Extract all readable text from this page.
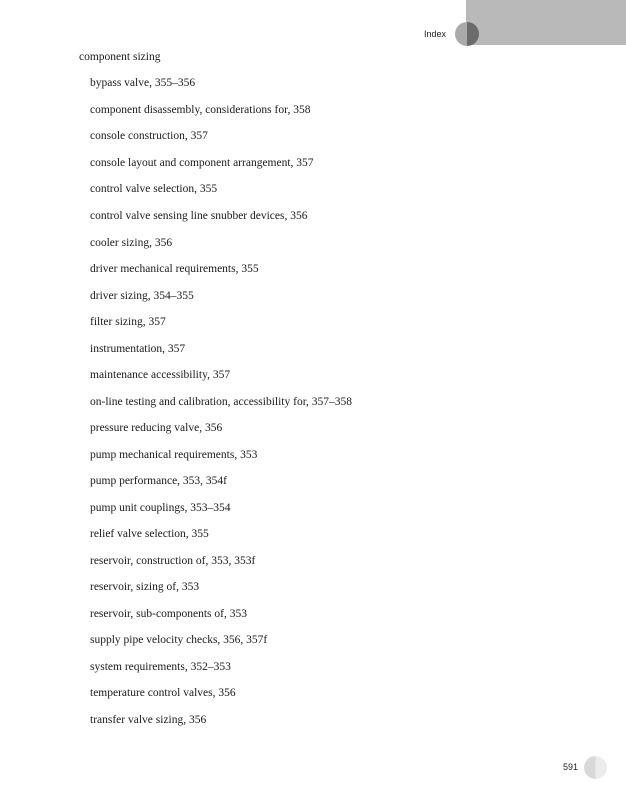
Index
component sizing
bypass valve, 355–356
component disassembly, considerations for, 358
console construction, 357
console layout and component arrangement, 357
control valve selection, 355
control valve sensing line snubber devices, 356
cooler sizing, 356
driver mechanical requirements, 355
driver sizing, 354–355
filter sizing, 357
instrumentation, 357
maintenance accessibility, 357
on-line testing and calibration, accessibility for, 357–358
pressure reducing valve, 356
pump mechanical requirements, 353
pump performance, 353, 354f
pump unit couplings, 353–354
relief valve selection, 355
reservoir, construction of, 353, 353f
reservoir, sizing of, 353
reservoir, sub-components of, 353
supply pipe velocity checks, 356, 357f
system requirements, 352–353
temperature control valves, 356
transfer valve sizing, 356
591
